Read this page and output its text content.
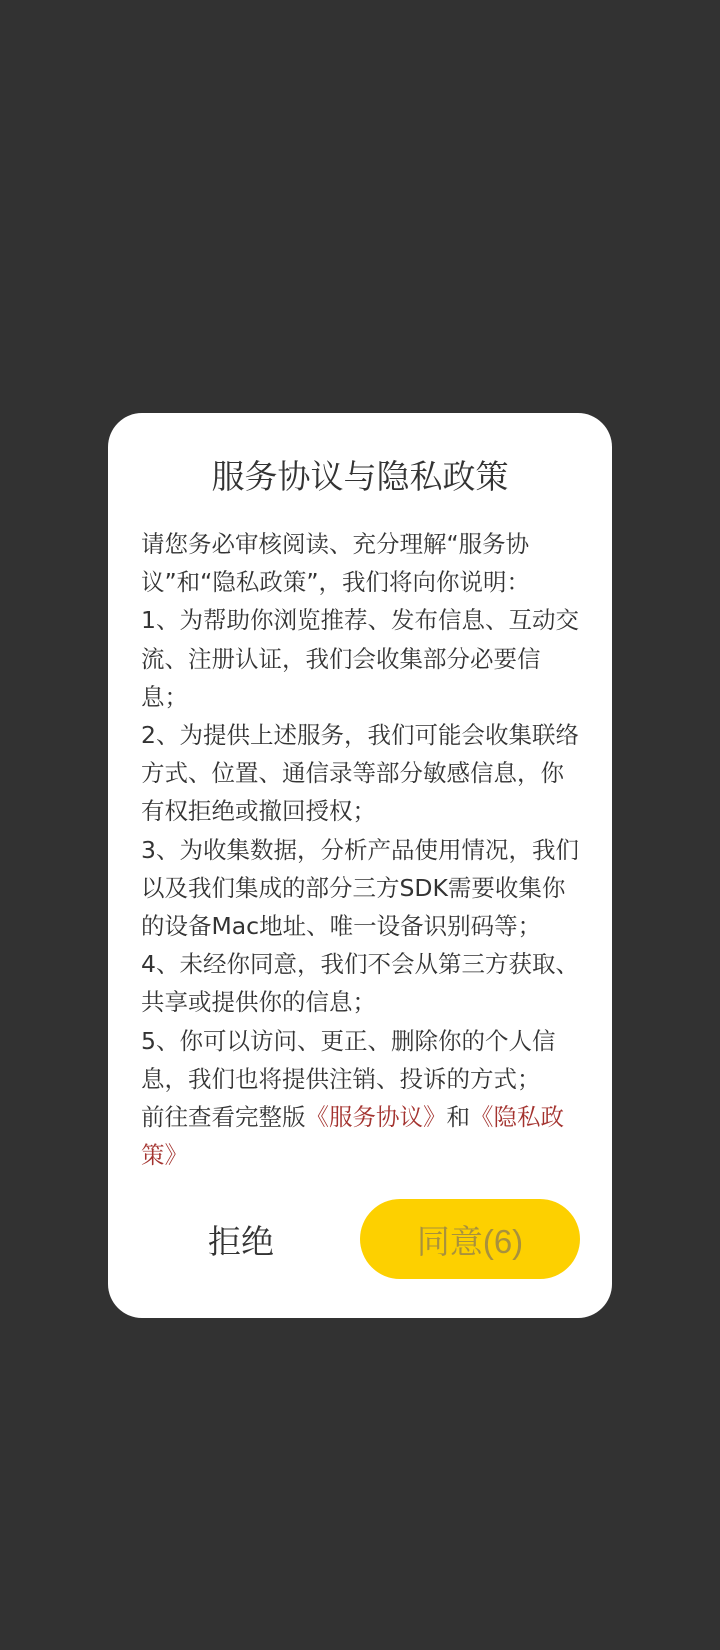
服务协议与隐私政策

请您务必审核阅读、充分理解“服务协议”和“隐私政策”，我们将向你说明：

1、为帮助你浏览推荐、发布信息、互动交流、注册认证，我们会收集部分必要信息；

2、为提供上述服务，我们可能会收集联络方式、位置、通信录等部分敏感信息，你有权拒绝或撤回授权；

3、为收集数据，分析产品使用情况，我们以及我们集成的部分三方SDK需要收集你的设备Mac地址、唯一设备识别码等；

4、未经你同意，我们不会从第三方获取、共享或提供你的信息；

5、你可以访问、更正、删除你的个人信息，我们也将提供注销、投诉的方式；

前往查看完整版《服务协议》和《隐私政策》

拒绝	同意(6)
